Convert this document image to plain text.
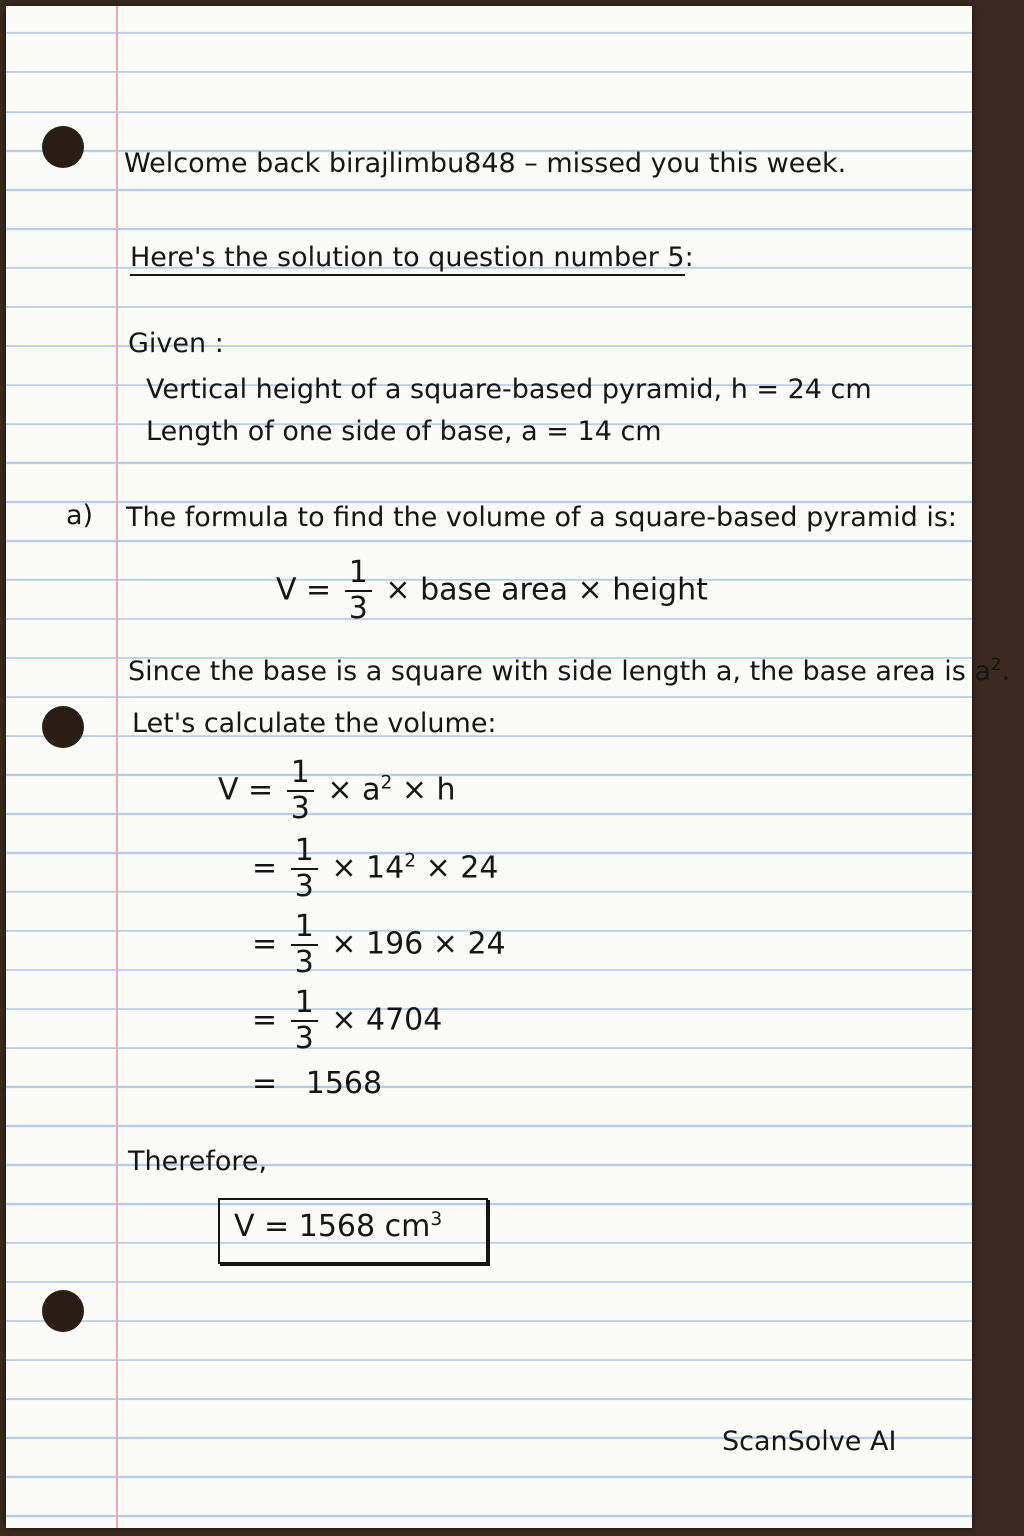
Welcome back birajlimbu848 – missed you this week.
Here's the solution to question number 5:
Given :
Vertical height of a square-based pyramid, h = 24 cm
Length of one side of base, a = 14 cm
a) The formula to find the volume of a square-based pyramid is:
$V = \frac{1}{3}$ × base area × height
Since the base is a square with side length a, the base area is $a^2$.
Let's calculate the volume:
$V = \frac{1}{3} \times a^2 \times h$
= $\frac{1}{3} \times 14^2 \times 24$
= $\frac{1}{3} \times 196 \times 24$
= $\frac{1}{3} \times 4704$
=   1568
Therefore,
V = 1568 $cm^3$
ScanSolve AI
